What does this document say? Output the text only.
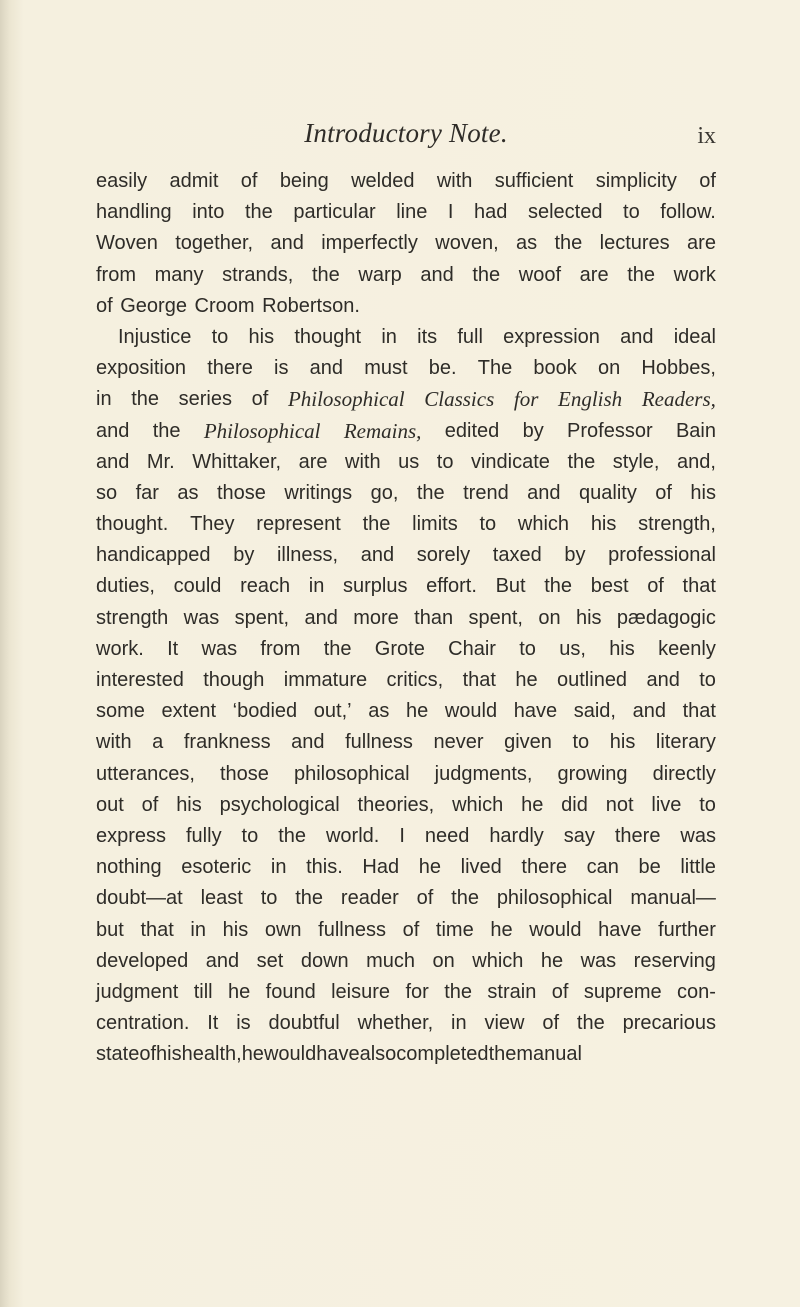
Introductory Note.	ix
easily admit of being welded with sufficient simplicity of
handling into the particular line I had selected to follow.
Woven together, and imperfectly woven, as the lectures are
from many strands, the warp and the woof are the work
of George Croom Robertson.
Injustice to his thought in its full expression and ideal
exposition there is and must be. The book on Hobbes,
in the series of Philosophical Classics for English Readers,
and the Philosophical Remains, edited by Professor Bain
and Mr. Whittaker, are with us to vindicate the style, and,
so far as those writings go, the trend and quality of his
thought. They represent the limits to which his strength,
handicapped by illness, and sorely taxed by professional
duties, could reach in surplus effort. But the best of that
strength was spent, and more than spent, on his pædagogic
work. It was from the Grote Chair to us, his keenly
interested though immature critics, that he outlined and to
some extent ‘bodied out,’ as he would have said, and that
with a frankness and fullness never given to his literary
utterances, those philosophical judgments, growing directly
out of his psychological theories, which he did not live to
express fully to the world. I need hardly say there was
nothing esoteric in this. Had he lived there can be little
doubt—at least to the reader of the philosophical manual—
but that in his own fullness of time he would have further
developed and set down much on which he was reserving
judgment till he found leisure for the strain of supreme con-
centration. It is doubtful whether, in view of the precarious
state of his health, he would have also completed the manual
